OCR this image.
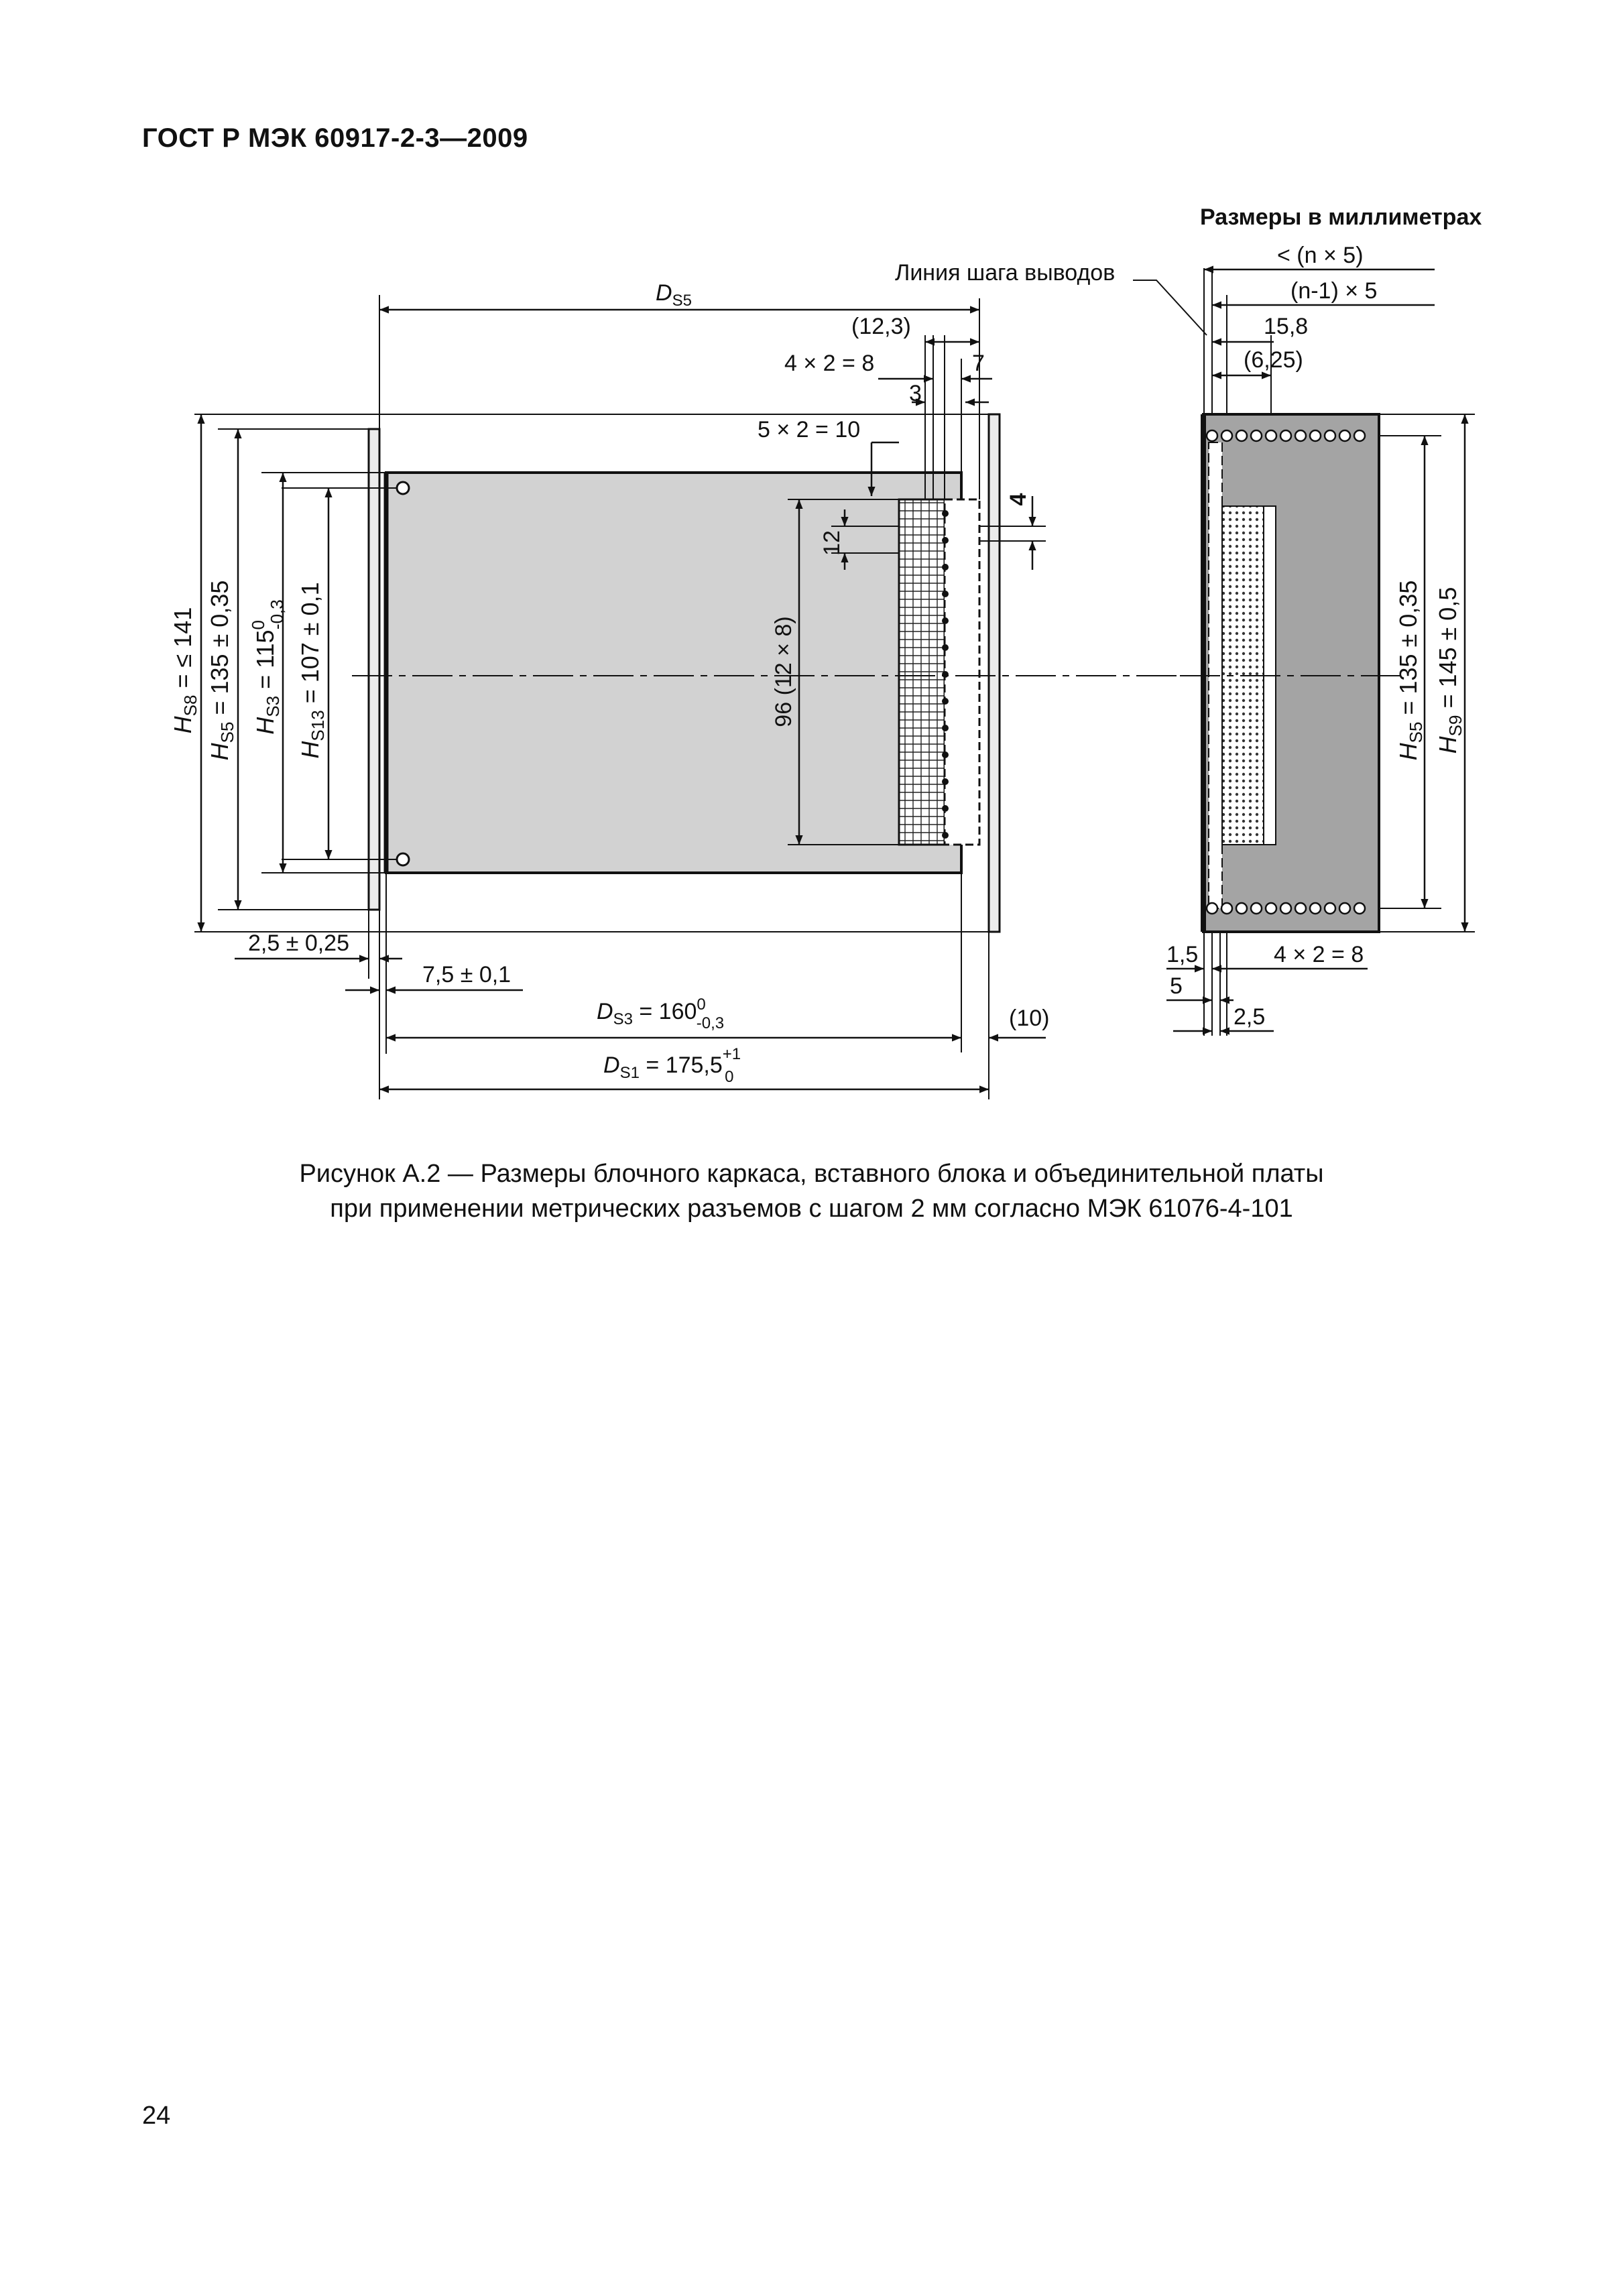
ГОСТ Р МЭК 60917-2-3—2009
Размеры в миллиметрах
Линия шага выводов
$D_{S5}$
(12,3)
4 × 2 = 8	7
3
5 × 2 = 10
12
4
96 (12 × 8)
$H_{S8}$ = ≤ 141
$H_{S5} = 135 \pm 0,35$
$H_{S3} = 115^0-0,3$
$H_{S13} = 107 \pm 0,1$
2,5 ± 0,25
7,5 ± 0,1
$D_{S3} = 160^0$ -0,3	(10)
$D_{S1} = 175,5^{+1}$ 0
< (n × 5)
(n-1) × 5
15,8
(6,25)
$H_{S5} = 135 \pm 0,35$
$H_{S9} = 145 \pm 0,5$
1,5	4 × 2 = 8
5
2,5
Рисунок А.2 — Размеры блочного каркаса, вставного блока и объединительной платы
при применении метрических разъемов с шагом 2 мм согласно МЭК 61076-4-101
24
